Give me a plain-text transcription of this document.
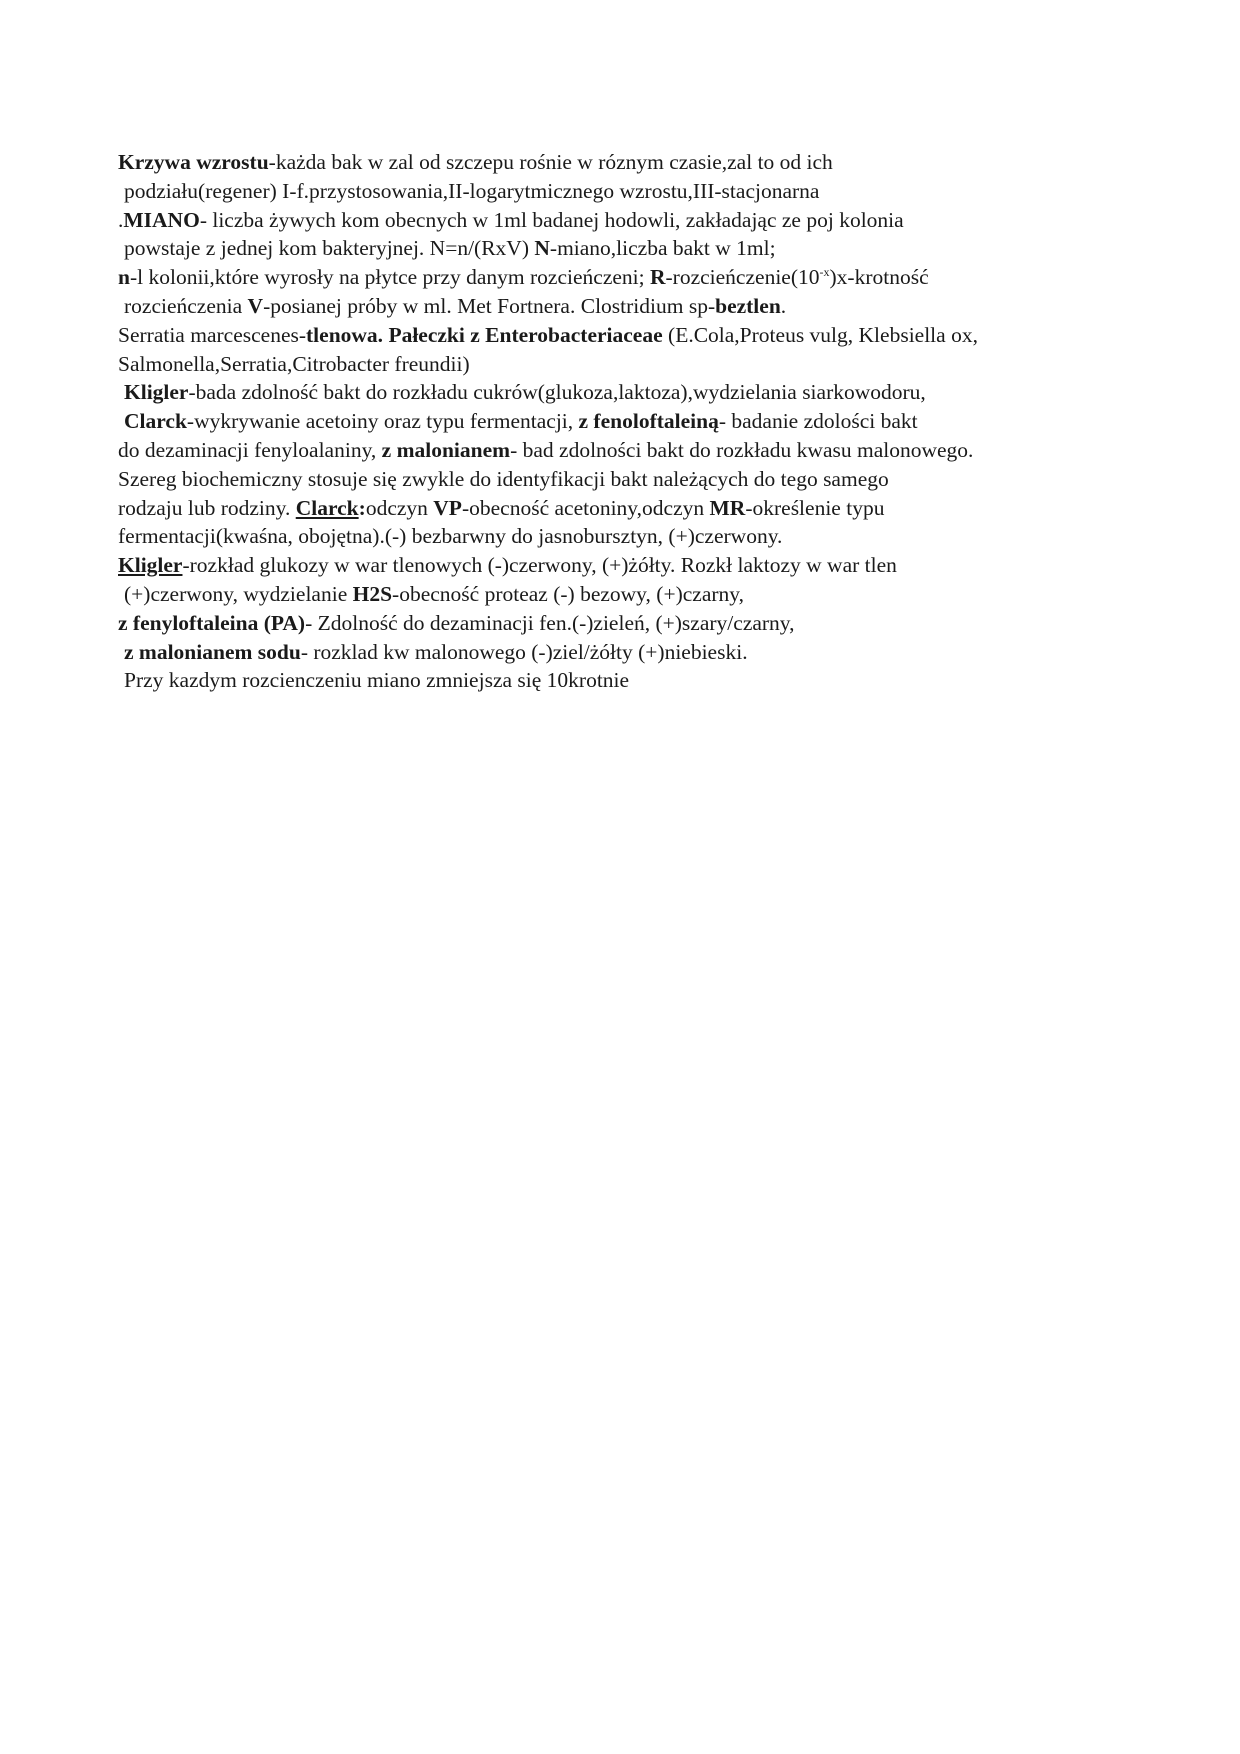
Krzywa wzrostu-każda bak w zal od szczepu rośnie w róznym czasie,zal to od ich
podziału(regener) I-f.przystosowania,II-logarytmicznego wzrostu,III-stacjonarna
.MIANO- liczba żywych kom obecnych w 1ml badanej hodowli, zakładając ze poj kolonia
powstaje z jednej kom bakteryjnej. N=n/(RxV) N-miano,liczba bakt w 1ml;
n-l kolonii,które wyrosły na płytce przy danym rozcieńczeni; $R-rozcieńczenie(10^{-x})x$-krotność
rozcieńczenia V-posianej próby w ml. Met Fortnera. Clostridium sp-beztlen.
Serratia marcescenes-tlenowa. Pałeczki z Enterobacteriaceae (E.Cola,Proteus vulg, Klebsiella ox,
Salmonella,Serratia,Citrobacter freundii)
Kligler-bada zdolność bakt do rozkładu cukrów(glukoza,laktoza),wydzielania siarkowodoru,
Clarck-wykrywanie acetoiny oraz typu fermentacji, z fenoloftaleiną- badanie zdolości bakt
do dezaminacji fenyloalaniny, z malonianem- bad zdolności bakt do rozkładu kwasu malonowego.
Szereg biochemiczny stosuje się zwykle do identyfikacji bakt należących do tego samego
rodzaju lub rodziny. Clarck:odczyn VP-obecność acetoniny,odczyn MR-określenie typu
fermentacji(kwaśna, obojętna).(-) bezbarwny do jasnobursztyn, (+)czerwony.
Kligler-rozkład glukozy w war tlenowych (-)czerwony, (+)żółty. Rozkł laktozy w war tlen
(+)czerwony, wydzielanie H2S-obecność proteaz (-) bezowy, (+)czarny,
z fenyloftaleina (PA)- Zdolność do dezaminacji fen.(-)zieleń, (+)szary/czarny,
z malonianem sodu- rozklad kw malonowego (-)ziel/żółty (+)niebieski.
Przy kazdym rozcienczeniu miano zmniejsza się 10krotnie
